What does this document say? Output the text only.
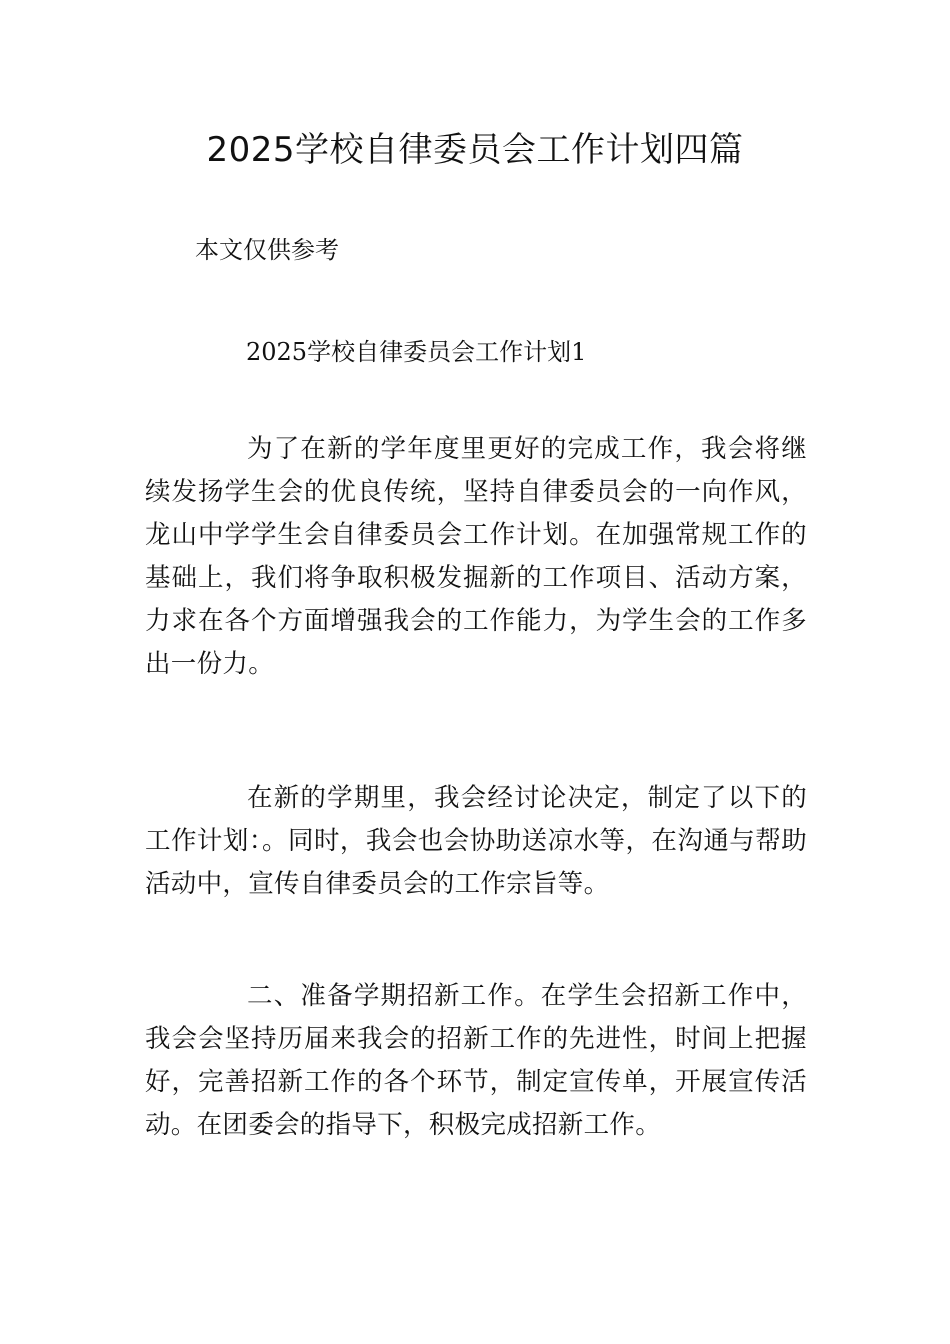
2025学校自律委员会工作计划四篇

本文仅供参考

2025学校自律委员会工作计划1

为了在新的学年度里更好的完成工作，我会将继续发扬学生会的优良传统，坚持自律委员会的一向作风，龙山中学学生会自律委员会工作计划。在加强常规工作的基础上，我们将争取积极发掘新的工作项目、活动方案，力求在各个方面增强我会的工作能力，为学生会的工作多出一份力。

在新的学期里，我会经讨论决定，制定了以下的工作计划：。同时，我会也会协助送凉水等，在沟通与帮助活动中，宣传自律委员会的工作宗旨等。

二、准备学期招新工作。在学生会招新工作中，我会会坚持历届来我会的招新工作的先进性，时间上把握好，完善招新工作的各个环节，制定宣传单，开展宣传活动。在团委会的指导下，积极完成招新工作。
